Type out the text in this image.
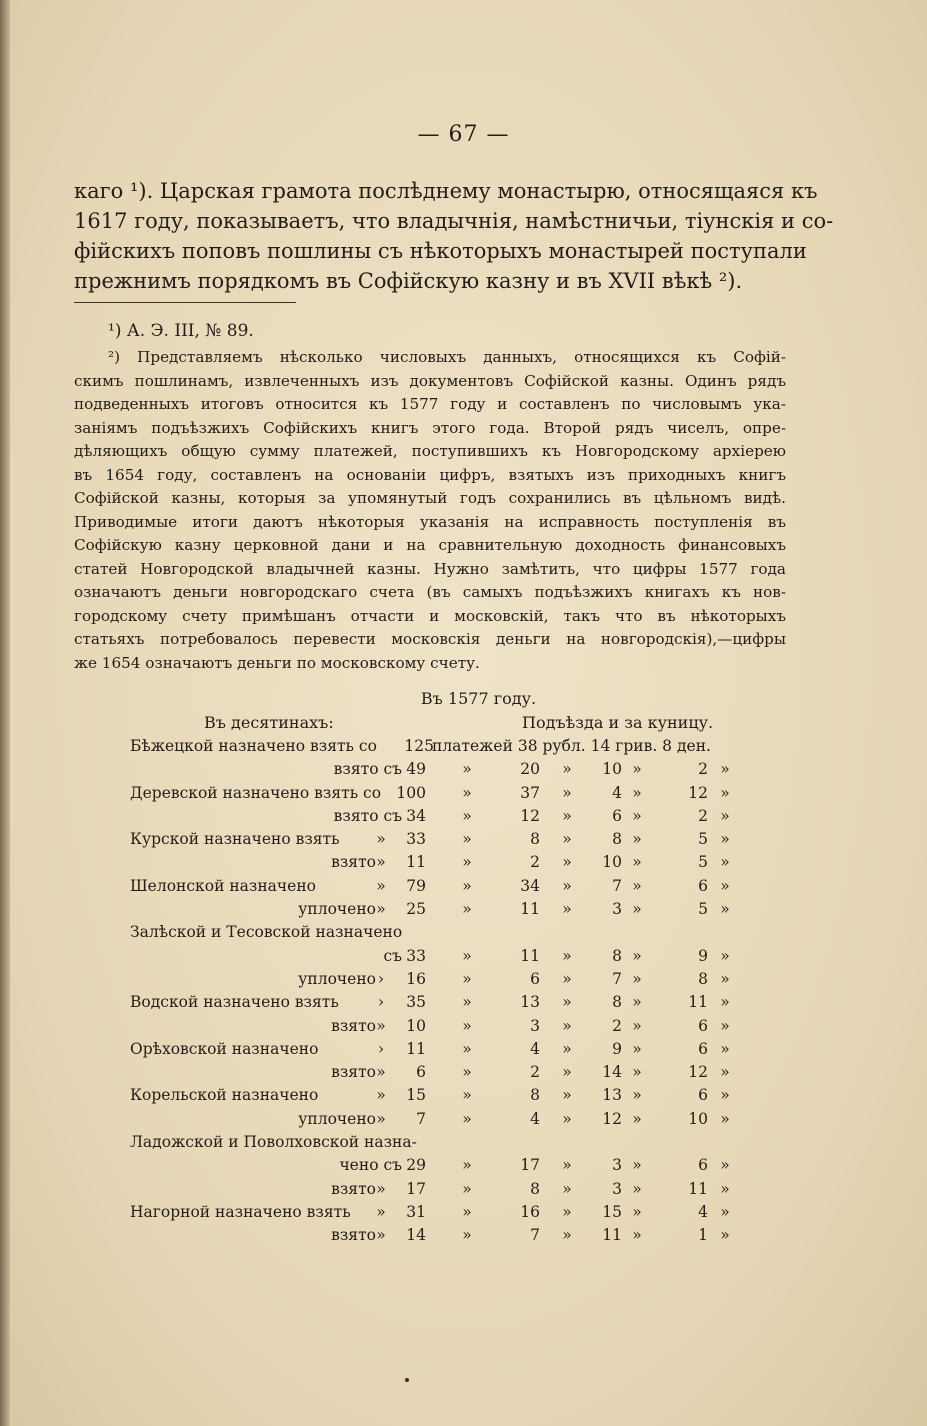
— 67 —
каго ¹). Царская грамота послѣднему монастырю, относящаяся къ
1617 году, показываетъ, что владычнія, намѣстничьи, тіунскія и со-
фійскихъ поповъ пошлины съ нѣкоторыхъ монастырей поступали
прежнимъ порядкомъ въ Софійскую казну и въ XVII вѣкѣ ²).
¹) А. Э. III, № 89.
²) Представляемъ нѣсколько числовыхъ данныхъ, относящихся къ Софій-
скимъ пошлинамъ, извлеченныхъ изъ документовъ Софійской казны. Одинъ рядъ
подведенныхъ итоговъ относится къ 1577 году и составленъ по числовымъ ука-
заніямъ подъѣзжихъ Софійскихъ книгъ этого года. Второй рядъ чиселъ, опре-
дѣляющихъ общую сумму платежей, поступившихъ къ Новгородскому архіерею
въ 1654 году, составленъ на основаніи цифръ, взятыхъ изъ приходныхъ книгъ
Софійской казны, которыя за упомянутый годъ сохранились въ цѣльномъ видѣ.
Приводимые итоги даютъ нѣкоторыя указанія на исправность поступленія въ
Софійскую казну церковной дани и на сравнительную доходность финансовыхъ
статей Новгородской владычней казны. Нужно замѣтить, что цифры 1577 года
означаютъ деньги новгородскаго счета (въ самыхъ подъѣзжихъ книгахъ къ нов-
городскому счету примѣшанъ отчасти и московскій, такъ что въ нѣкоторыхъ
статьяхъ потребовалось перевести московскія деньги на новгородскія),—цифры
же 1654 означаютъ деньги по московскому счету.
Въ 1577 году.
Въ десятинахъ:	Подъѣзда и за куницу.
Бѣжецкой назначено взять со	125
платежей 38 рубл. 14 грив. 8 ден.
взято съ 49 »	20 »	10 »	2 »
Деревской назначено взять со 100 »	37 »	4 »	12 »
взято съ 34 »	12 »	6 »	2 »
Курской назначено взять »	33 »	8 »	8 »	5 »
взято »	11 »	2 »	10 »	5 »
Шелонской назначено	»	79 »	34 »	7 »	6 »
уплочено »	25 »	11 »	3 »	5 »
Залѣской и Тесовской назначено
съ 33 »	11 »	8 »	9 »
уплочено ›	16 »	6 »	7 »	8 »
Водской назначено взять	›	35 »	13 »	8 »	11 »
взято »	10 »	3 »	2 »	6 »
Орѣховской назначено	›	11 »	4 »	9 »	6 »
взято »	6 »	2 »	14 »	12 »
Корельской назначено	»	15 »	8 »	13 »	6 »
уплочено »	7 »	4 »	12 »	10 »
Ладожской и Поволховской назна-
чено съ 29 »	17 »	3 »	6 »
взято »	17 »	8 »	3 »	11 »
Нагорной назначено взять »	31 »	16 »	15 »	4 »
взято »	14 »	7 »	11 »	1 »
